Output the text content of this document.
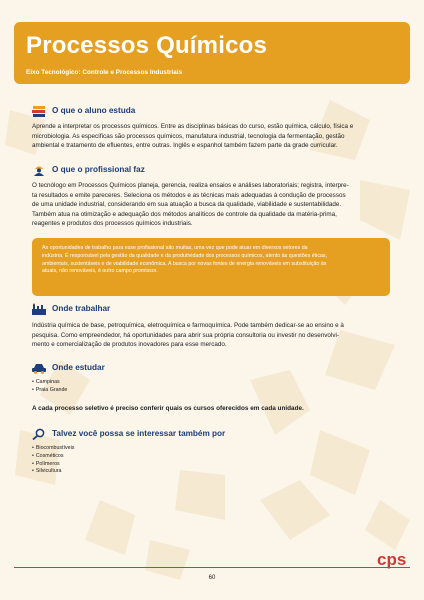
Processos Químicos
Eixo Tecnológico: Controle e Processos Industriais
O que o aluno estuda
Aprende a interpretar os processos químicos. Entre as disciplinas básicas do curso, estão química, cálculo, física e
microbiologia. As específicas são processos químicos, manufatura industrial, tecnologia da fermentação, gestão
ambiental e tratamento de efluentes, entre outras. Inglês e espanhol também fazem parte da grade curricular.
O que o profissional faz
O tecnólogo em Processos Químicos planeja, gerencia, realiza ensaios e análises laboratoriais; registra, interpre-
ta resultados e emite pareceres. Seleciona os métodos e as técnicas mais adequadas à condução de processos
de uma unidade industrial, considerando em sua atuação a busca da qualidade, viabilidade e sustentabilidade.
Também atua na otimização e adequação dos métodos analíticos de controle da qualidade da matéria-prima,
reagentes e produtos dos processos químicos industriais.
As oportunidades de trabalho para esse profissional são muitas, uma vez que pode atuar em diversos setores da
indústria. É responsável pela gestão da qualidade e da produtividade dos processos químicos, atento às questões éticas,
ambientais, sustentáveis e de viabilidade econômica. A busca por novas fontes de energia renováveis em substituição às
atuais, não renováveis, é outro campo promissor.
Onde trabalhar
Indústria química de base, petroquímica, eletroquímica e farmoquímica. Pode também dedicar-se ao ensino e à
pesquisa. Como empreendedor, há oportunidades para abrir sua própria consultoria ou investir no desenvolvi-
mento e comercialização de produtos inovadores para esse mercado.
Onde estudar
• Campinas
• Praia Grande
A cada processo seletivo é preciso conferir quais os cursos oferecidos em cada unidade.
Talvez você possa se interessar também por
• Biocombustíveis
• Cosméticos
• Polímeros
• Silvicultura
cps
60
